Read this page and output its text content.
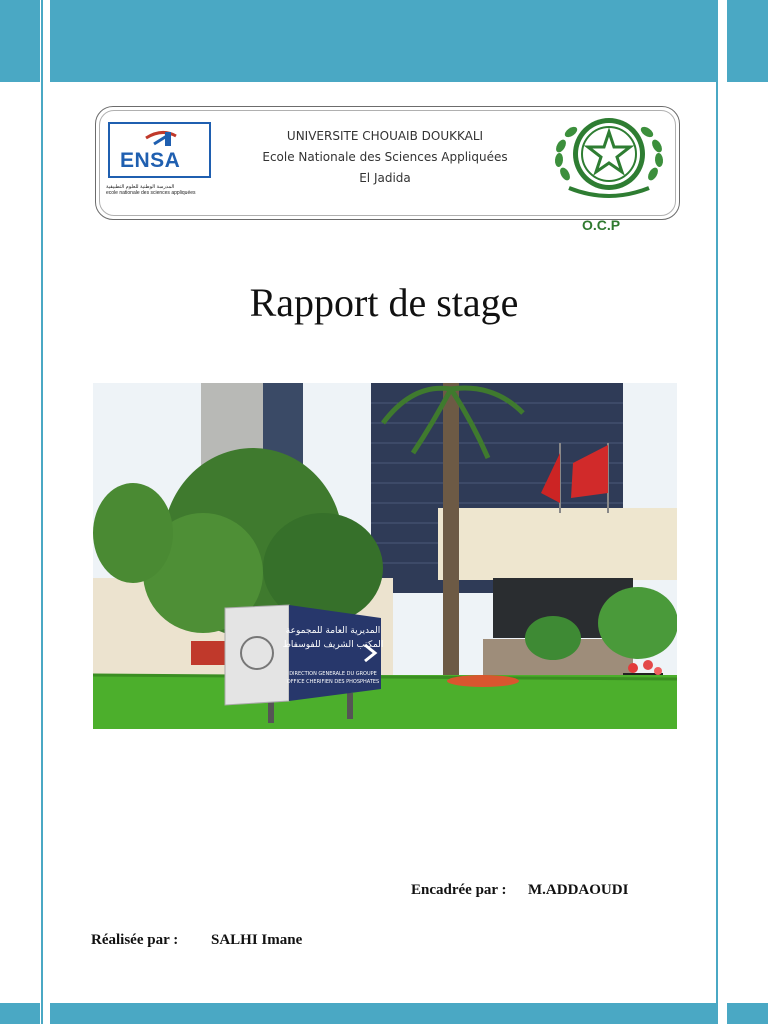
ENSA
المدرسة الوطنية للعلوم التطبيقية
ecole nationale des sciences appliquées
UNIVERSITE CHOUAIB DOUKKALI
Ecole Nationale des Sciences Appliquées
El Jadida
O.C.P
Rapport de stage
المديرية العامة للمجموعة
المكتب الشريف للفوسفاط
DIRECTION GENERALE DU GROUPE
OFFICE CHERIFIEN DES PHOSPHATES
Encadrée par : M.ADDAOUDI
Réalisée par : SALHI Imane
